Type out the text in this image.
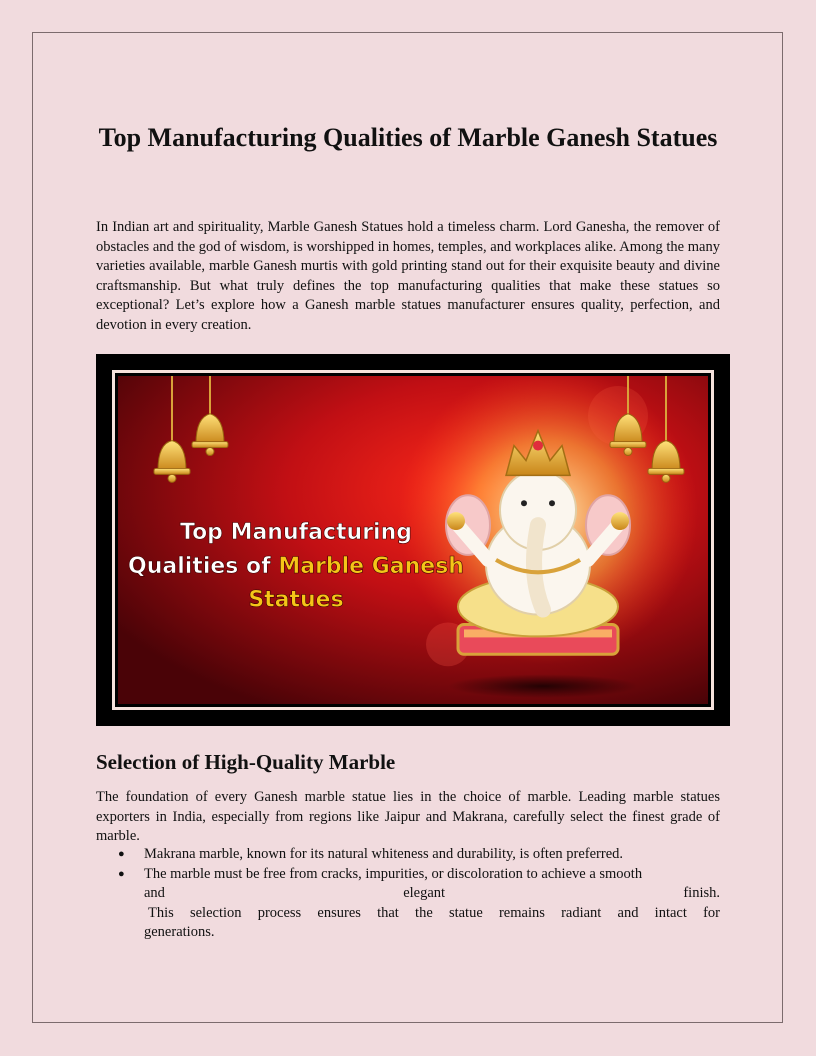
Top Manufacturing Qualities of Marble Ganesh Statues

In Indian art and spirituality, Marble Ganesh Statues hold a timeless charm. Lord Ganesha, the remover of obstacles and the god of wisdom, is worshipped in homes, temples, and workplaces alike. Among the many varieties available, marble Ganesh murtis with gold printing stand out for their exquisite beauty and divine craftsmanship. But what truly defines the top manufacturing qualities that make these statues so exceptional? Let’s explore how a Ganesh marble statues manufacturer ensures quality, perfection, and devotion in every creation.

Top Manufacturing
Qualities of Marble Ganesh
Statues
Selection of High-Quality Marble

The foundation of every Ganesh marble statue lies in the choice of marble. Leading marble statues exporters in India, especially from regions like Jaipur and Makrana, carefully select the finest grade of marble.

● Makrana marble, known for its natural whiteness and durability, is often preferred.
● The marble must be free from cracks, impurities, or discoloration to achieve a smooth
and	elegant	finish.
This selection process ensures that the statue remains radiant and intact for
generations.
